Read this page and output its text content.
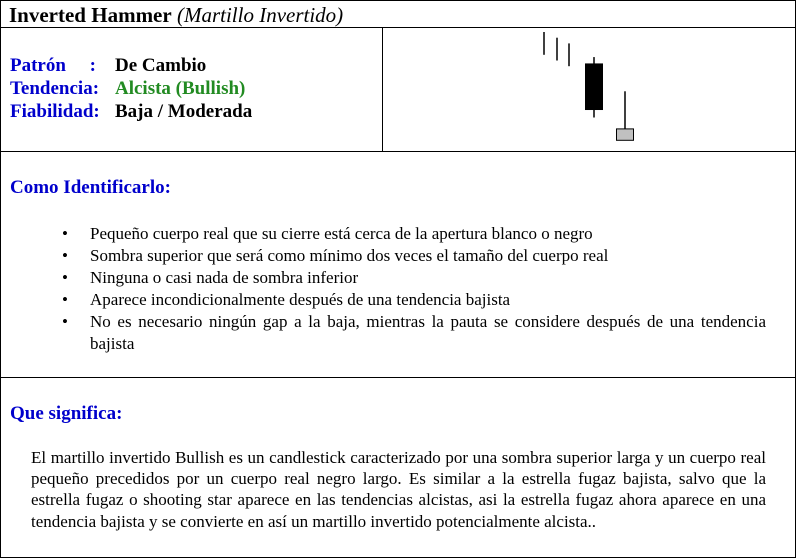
Inverted Hammer (Martillo Invertido)
Patrón     : De Cambio
Tendencia: Alcista (Bullish)
Fiabilidad: Baja / Moderada
Como Identificarlo:
• Pequeño cuerpo real que su cierre está cerca de la apertura blanco o negro
• Sombra superior que será como mínimo dos veces el tamaño del cuerpo real
• Ninguna o casi nada de sombra inferior
• Aparece incondicionalmente después de una tendencia bajista
• No es necesario ningún gap a la baja, mientras la pauta se considere después de una tendencia bajista
Que significa:

El martillo invertido Bullish es un candlestick caracterizado por una sombra superior larga y un cuerpo real pequeño precedidos por un cuerpo real negro largo. Es similar a la estrella fugaz bajista, salvo que la estrella fugaz o shooting star aparece en las tendencias alcistas, asi la estrella fugaz ahora aparece en una tendencia bajista y se convierte en así un martillo invertido potencialmente alcista..
